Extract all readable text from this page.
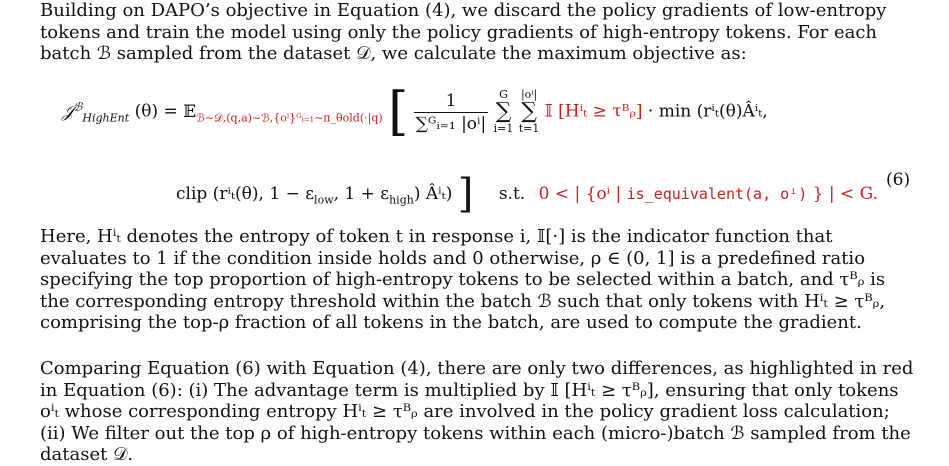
Building on DAPO’s objective in Equation (4), we discard the policy gradients of low-entropy tokens and train the model using only the policy gradients of high-entropy tokens. For each batch ℬ sampled from the dataset 𝒟, we calculate the maximum objective as:

𝒥$^ℬ_{HighEnt}$ (θ) = 𝔼$_{ℬ\sim 𝒟,(q,a)\sim ℬ,\{o^i\}ᴳᵢ_{=1}\sim\pi\_\theta old(\cdot|q)}$ [ $\frac{1}{\text{∑ᴳᵢ₌₁ |oⁱ|}}$
G
∑
i=1

|oⁱ|
∑
t=1
𝕀 [Hⁱₜ ≥ τᴮᵨ] · min (rⁱₜ(θ)Âⁱₜ,
clip (rⁱₜ(θ), $1 - \varepsilon_{low}$, $1 + \varepsilon_{high}$) Âⁱₜ) ] s.t. 0 < | {oⁱ | is_equivalent(a, oⁱ) } | < G.
(6)

Here, Hⁱₜ denotes the entropy of token t in response i, 𝕀[·] is the indicator function that evaluates to 1 if the condition inside holds and 0 otherwise, ρ ∈ (0, 1] is a predefined ratio specifying the top proportion of high-entropy tokens to be selected within a batch, and τᴮᵨ is the corresponding entropy threshold within the batch ℬ such that only tokens with Hⁱₜ ≥ τᴮᵨ, comprising the top-ρ fraction of all tokens in the batch, are used to compute the gradient.

Comparing Equation (6) with Equation (4), there are only two differences, as highlighted in red in Equation (6): (i) The advantage term is multiplied by 𝕀 [Hⁱₜ ≥ τᴮᵨ], ensuring that only tokens oⁱₜ whose corresponding entropy Hⁱₜ ≥ τᴮᵨ are involved in the policy gradient loss calculation; (ii) We filter out the top ρ of high-entropy tokens within each (micro-)batch ℬ sampled from the dataset 𝒟.
